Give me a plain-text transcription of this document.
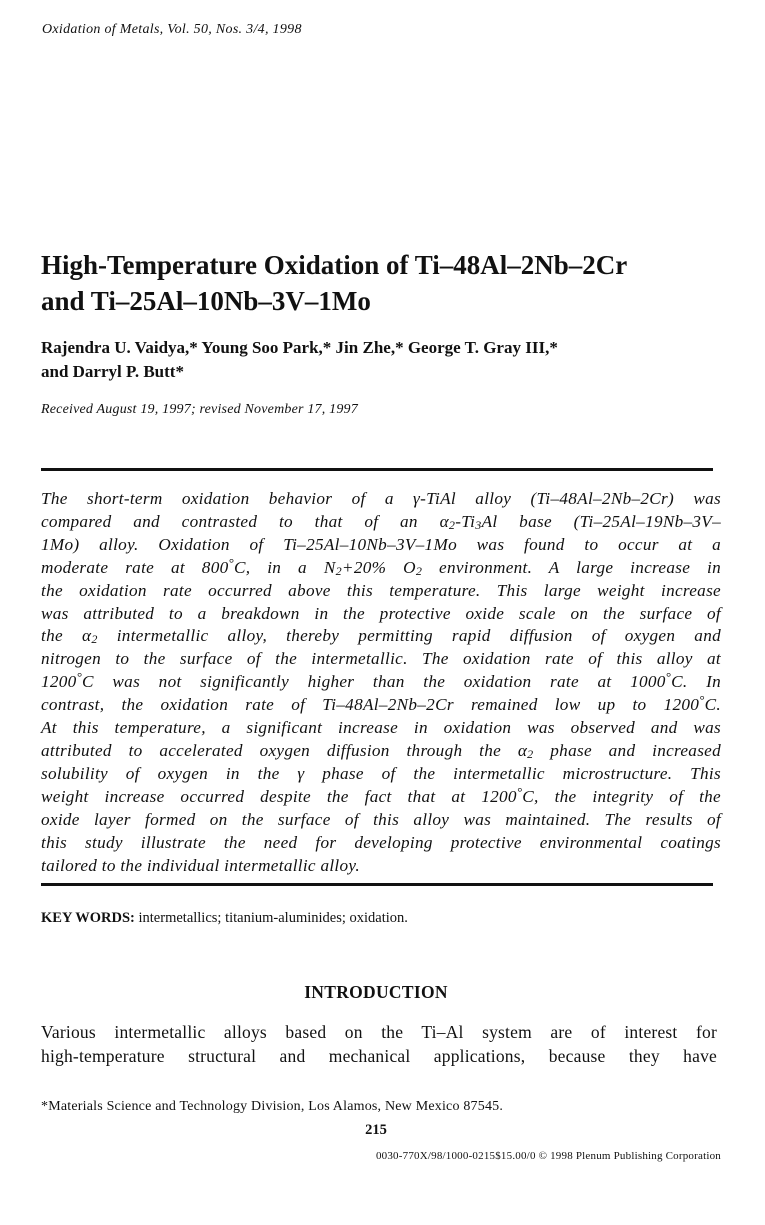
Oxidation of Metals, Vol. 50, Nos. 3/4, 1998
High-Temperature Oxidation of Ti–48Al–2Nb–2Cr
and Ti–25Al–10Nb–3V–1Mo
Rajendra U. Vaidya,* Young Soo Park,* Jin Zhe,* George T. Gray III,*
and Darryl P. Butt*
Received August 19, 1997; revised November 17, 1997
The short-term oxidation behavior of a γ-TiAl alloy (Ti–48Al–2Nb–2Cr) was
compared and contrasted to that of an $\alpha_2-Ti_3Al$ base (Ti–25Al–19Nb–3V–
1Mo) alloy. Oxidation of Ti–25Al–10Nb–3V–1Mo was found to occur at a
moderate rate at 800°C, in a $N_2+20\%$ $O_2$ environment. A large increase in
the oxidation rate occurred above this temperature. This large weight increase
was attributed to a breakdown in the protective oxide scale on the surface of
the $\alpha_2$ intermetallic alloy, thereby permitting rapid diffusion of oxygen and
nitrogen to the surface of the intermetallic. The oxidation rate of this alloy at
1200°C was not significantly higher than the oxidation rate at 1000°C. In
contrast, the oxidation rate of Ti–48Al–2Nb–2Cr remained low up to 1200°C.
At this temperature, a significant increase in oxidation was observed and was
attributed to accelerated oxygen diffusion through the $\alpha_2$ phase and increased
solubility of oxygen in the γ phase of the intermetallic microstructure. This
weight increase occurred despite the fact that at 1200°C, the integrity of the
oxide layer formed on the surface of this alloy was maintained. The results of
this study illustrate the need for developing protective environmental coatings
tailored to the individual intermetallic alloy.
KEY WORDS: intermetallics; titanium-aluminides; oxidation.
INTRODUCTION
Various intermetallic alloys based on the Ti–Al system are of interest for
high-temperature structural and mechanical applications, because they have
*Materials Science and Technology Division, Los Alamos, New Mexico 87545.
215
0030-770X/98/1000-0215$15.00/0 © 1998 Plenum Publishing Corporation
